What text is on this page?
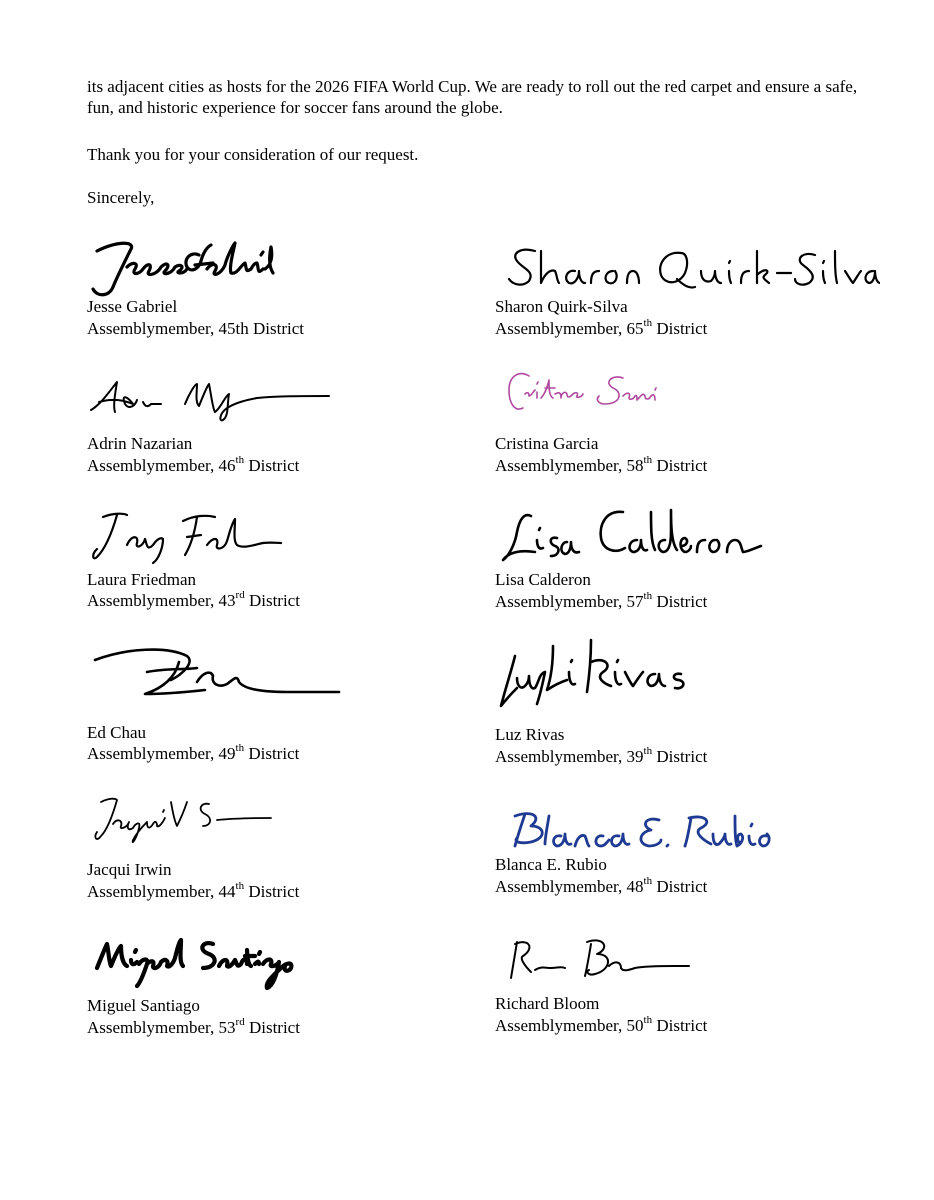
its adjacent cities as hosts for the 2026 FIFA World Cup. We are ready to roll out the red carpet and ensure a safe, fun, and historic experience for soccer fans around the globe.

Thank you for your consideration of our request.

Sincerely,

Jesse Gabriel
Assemblymember, 45th District
Adrin Nazarian
Assemblymember, 46th District
Laura Friedman
Assemblymember, 43rd District
Ed Chau
Assemblymember, 49th District
Jacqui Irwin
Assemblymember, 44th District
Miguel Santiago
Assemblymember, 53rd District
Sharon Quirk-Silva
Assemblymember, 65th District
Cristina Garcia
Assemblymember, 58th District
Lisa Calderon
Assemblymember, 57th District
Luz Rivas
Assemblymember, 39th District
Blanca E. Rubio
Assemblymember, 48th District
Richard Bloom
Assemblymember, 50th District
